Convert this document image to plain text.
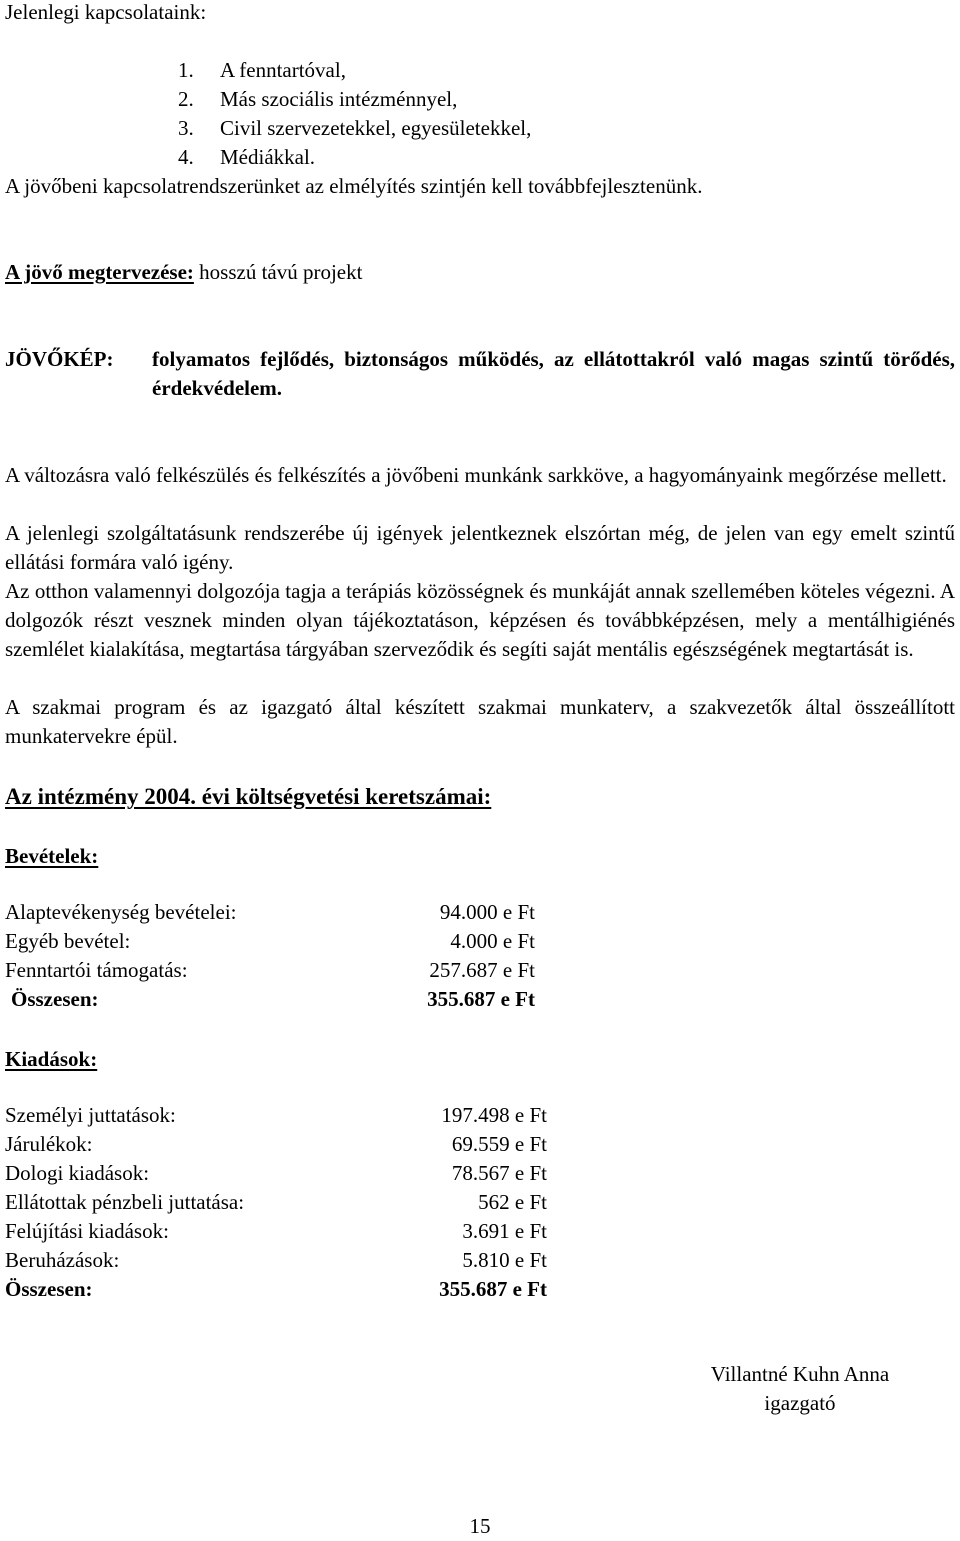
Jelenlegi kapcsolataink:
1. A fenntartóval,
2. Más szociális intézménnyel,
3. Civil szervezetekkel, egyesületekkel,
4. Médiákkal.
A jövőbeni kapcsolatrendszerünket az elmélyítés szintjén kell továbbfejlesztenünk.
A jövő megtervezése: hosszú távú projekt
JÖVŐKÉP: folyamatos fejlődés, biztonságos működés, az ellátottakról való magas szintű törődés, érdekvédelem.

A változásra való felkészülés és felkészítés a jövőbeni munkánk sarkköve, a hagyományaink megőrzése mellett.

A jelenlegi szolgáltatásunk rendszerébe új igények jelentkeznek elszórtan még, de jelen van egy emelt szintű ellátási formára való igény.

Az otthon valamennyi dolgozója tagja a terápiás közösségnek és munkáját annak szellemében köteles végezni. A dolgozók részt vesznek minden olyan tájékoztatáson, képzésen és továbbképzésen, mely a mentálhigiénés szemlélet kialakítása, megtartása tárgyában szerveződik és segíti saját mentális egészségének megtartását is.

A szakmai program és az igazgató által készített szakmai munkaterv, a szakvezetők által összeállított munkatervekre épül.

Az intézmény 2004. évi költségvetési keretszámai:
Bevételek:
Alaptevékenység bevételei:	94.000 e Ft
Egyéb bevétel:	4.000 e Ft
Fenntartói támogatás:	257.687 e Ft
Összesen:	355.687 e Ft
Kiadások:
Személyi juttatások:	197.498 e Ft
Járulékok:	69.559 e Ft
Dologi kiadások:	78.567 e Ft
Ellátottak pénzbeli juttatása:	562 e Ft
Felújítási kiadások:	3.691 e Ft
Beruházások:	5.810 e Ft
Összesen:	355.687 e Ft
Villantné Kuhn Anna
igazgató
15
